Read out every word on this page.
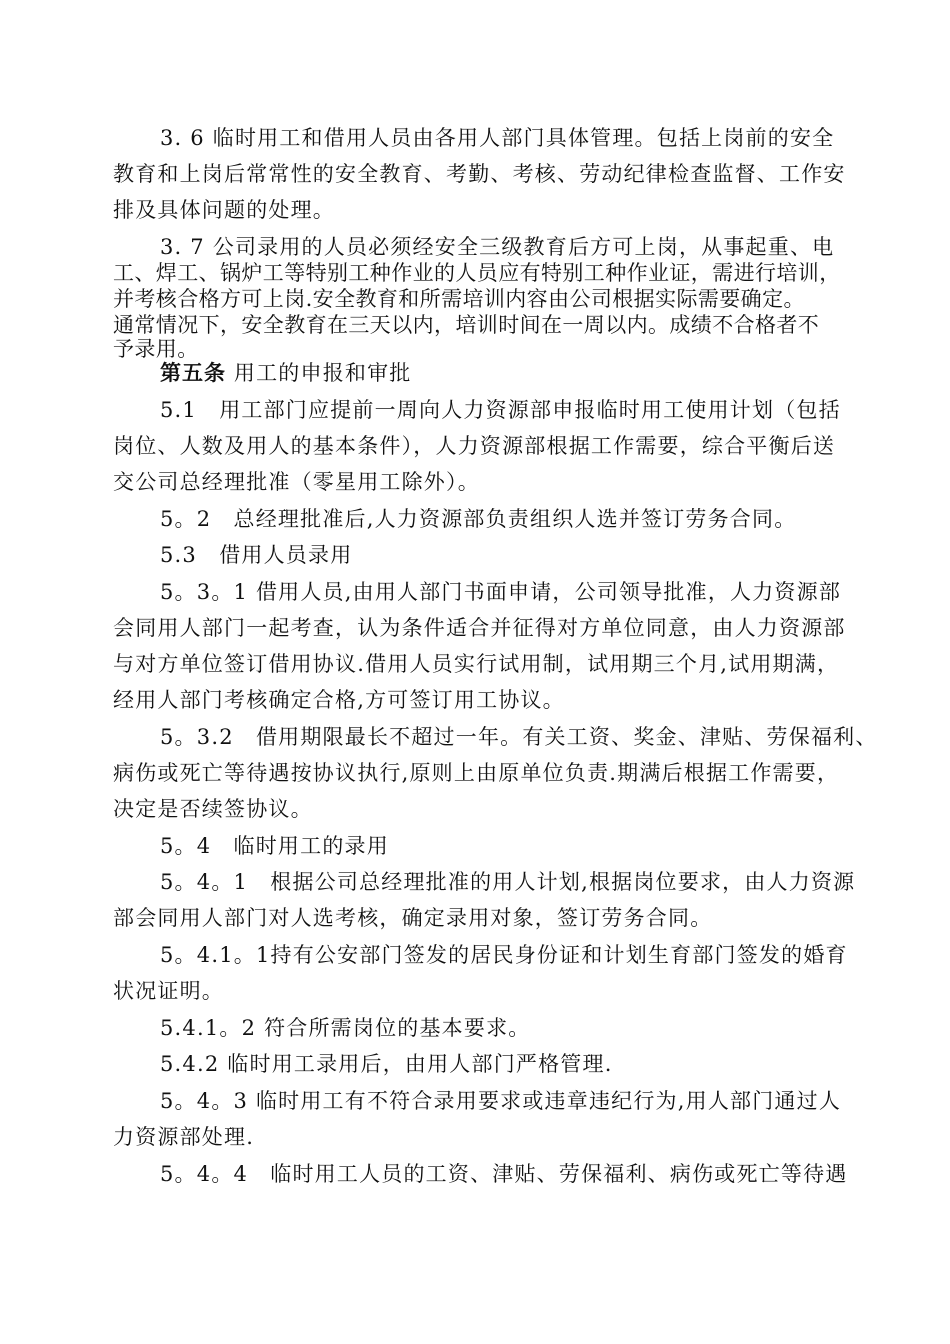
3. 6 临时用工和借用人员由各用人部门具体管理。包括上岗前的安全
教育和上岗后常常性的安全教育、考勤、考核、劳动纪律检查监督、工作安
排及具体问题的处理。
3. 7 公司录用的人员必须经安全三级教育后方可上岗，从事起重、电
工、焊工、锅炉工等特别工种作业的人员应有特别工种作业证，需进行培训，
并考核合格方可上岗.安全教育和所需培训内容由公司根据实际需要确定。
通常情况下，安全教育在三天以内，培训时间在一周以内。成绩不合格者不
予录用。
第五条 用工的申报和审批
5.1　用工部门应提前一周向人力资源部申报临时用工使用计划（包括
岗位、人数及用人的基本条件），人力资源部根据工作需要，综合平衡后送
交公司总经理批准（零星用工除外）。
5。2　总经理批准后,人力资源部负责组织人选并签订劳务合同。
5.3　借用人员录用
5。3。1 借用人员,由用人部门书面申请，公司领导批准，人力资源部
会同用人部门一起考查，认为条件适合并征得对方单位同意，由人力资源部
与对方单位签订借用协议.借用人员实行试用制，试用期三个月,试用期满，
经用人部门考核确定合格,方可签订用工协议。
5。3.2　借用期限最长不超过一年。有关工资、奖金、津贴、劳保福利、
病伤或死亡等待遇按协议执行,原则上由原单位负责.期满后根据工作需要，
决定是否续签协议。
5。4　临时用工的录用
5。4。1　根据公司总经理批准的用人计划,根据岗位要求，由人力资源
部会同用人部门对人选考核，确定录用对象，签订劳务合同。
5。4.1。1持有公安部门签发的居民身份证和计划生育部门签发的婚育
状况证明。
5.4.1。2 符合所需岗位的基本要求。
5.4.2 临时用工录用后，由用人部门严格管理.
5。4。3 临时用工有不符合录用要求或违章违纪行为,用人部门通过人
力资源部处理.
5。4。4　临时用工人员的工资、津贴、劳保福利、病伤或死亡等待遇
